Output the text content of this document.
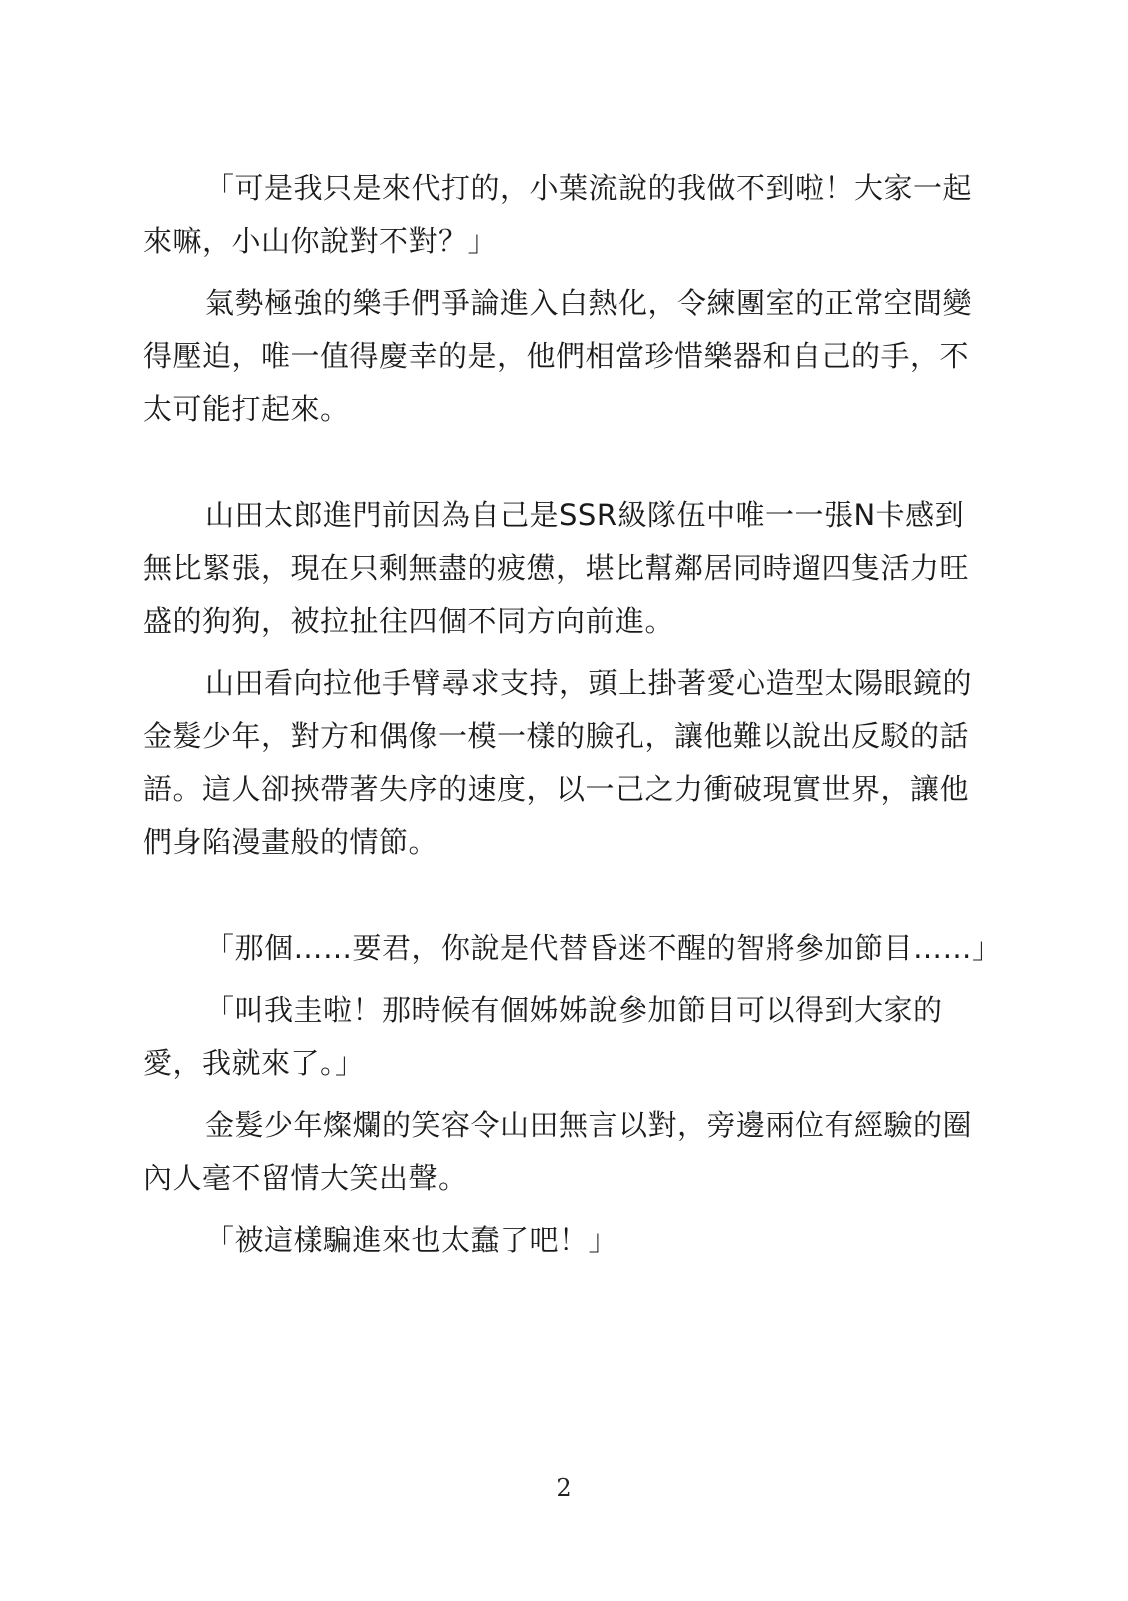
「可是我只是來代打的，小葉流說的我做不到啦！大家一起來嘛，小山你說對不對？」

氣勢極強的樂手們爭論進入白熱化，令練團室的正常空間變得壓迫，唯一值得慶幸的是，他們相當珍惜樂器和自己的手，不太可能打起來。

山田太郎進門前因為自己是SSR級隊伍中唯一一張N卡感到無比緊張，現在只剩無盡的疲憊，堪比幫鄰居同時遛四隻活力旺盛的狗狗，被拉扯往四個不同方向前進。

山田看向拉他手臂尋求支持，頭上掛著愛心造型太陽眼鏡的金髮少年，對方和偶像一模一樣的臉孔，讓他難以說出反駁的話語。這人卻挾帶著失序的速度，以一己之力衝破現實世界，讓他們身陷漫畫般的情節。

「那個……要君，你說是代替昏迷不醒的智將參加節目……」

「叫我圭啦！那時候有個姊姊說參加節目可以得到大家的愛，我就來了。」

金髮少年燦爛的笑容令山田無言以對，旁邊兩位有經驗的圈內人毫不留情大笑出聲。

「被這樣騙進來也太蠢了吧！」

2
